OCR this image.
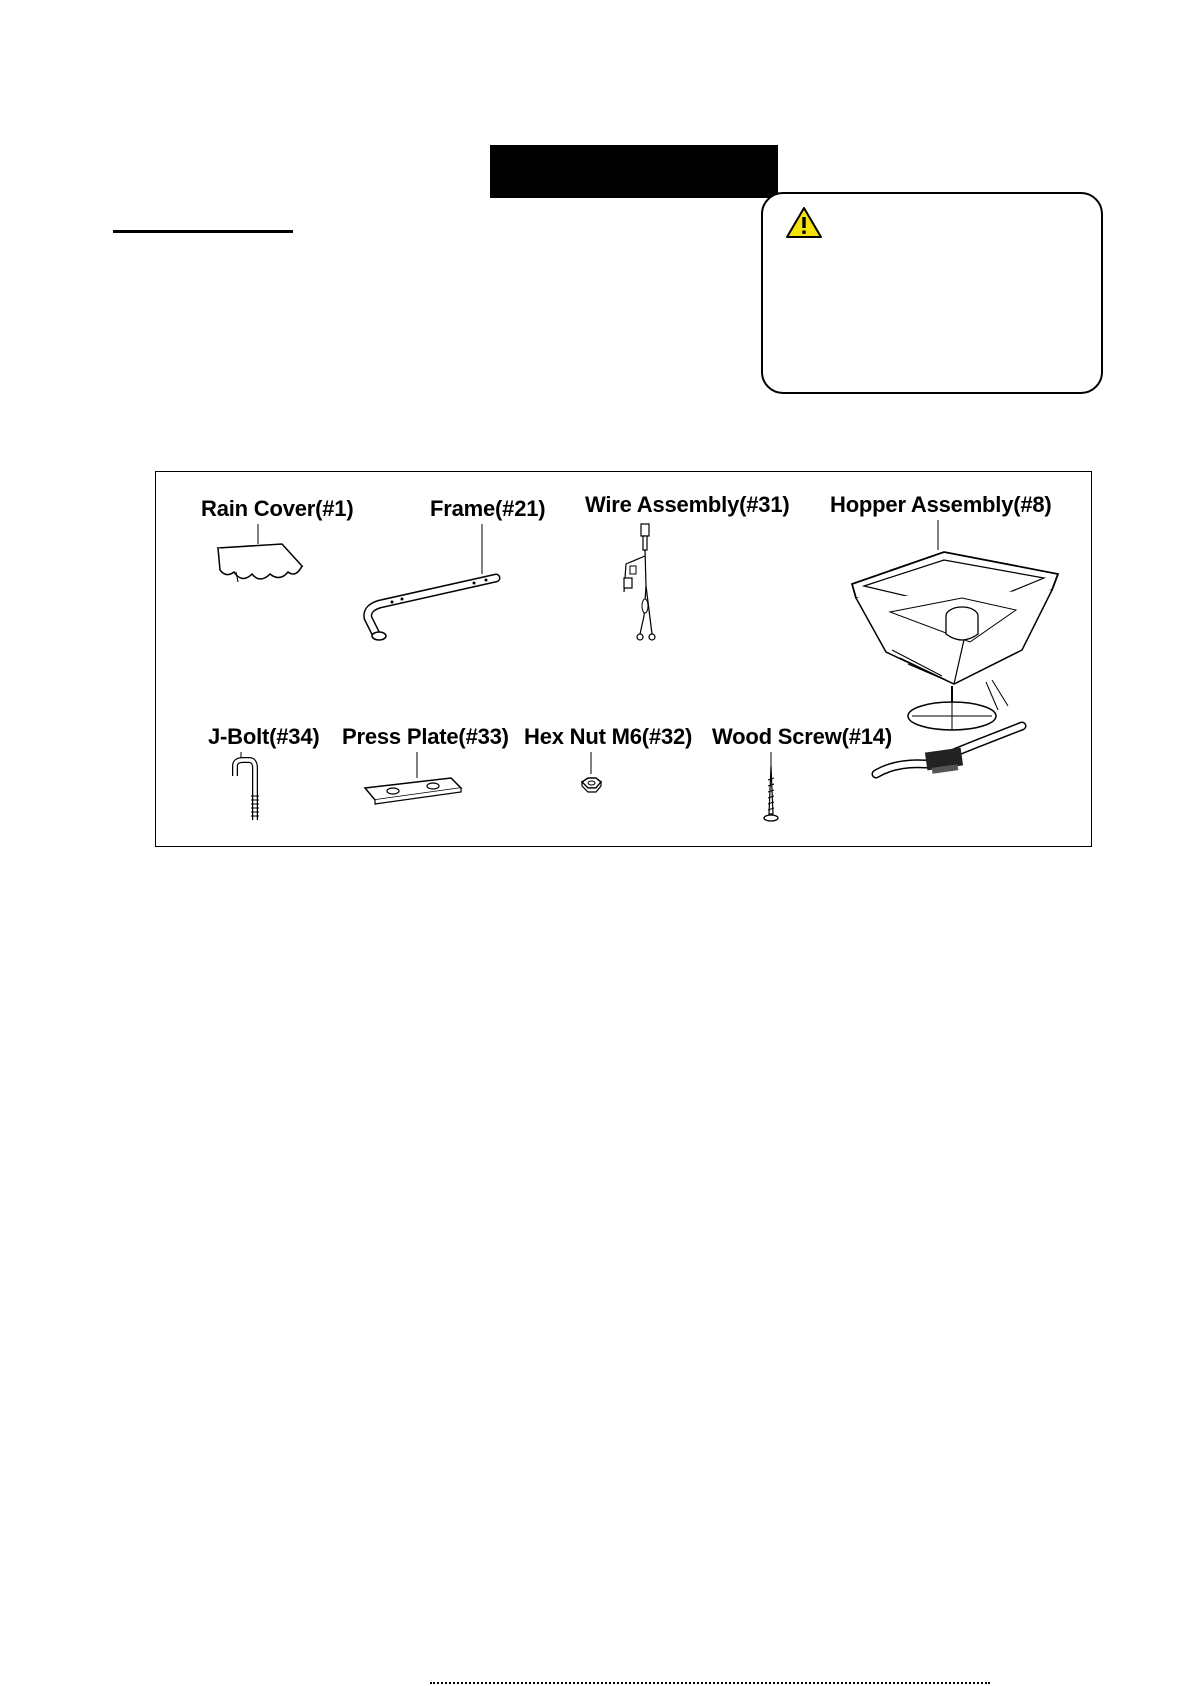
Rain Cover(#1)	Frame(#21) Wire Assembly(#31) Hopper Assembly(#8)
J-Bolt(#34) Press Plate(#33) Hex Nut M6(#32) Wood Screw(#14)
